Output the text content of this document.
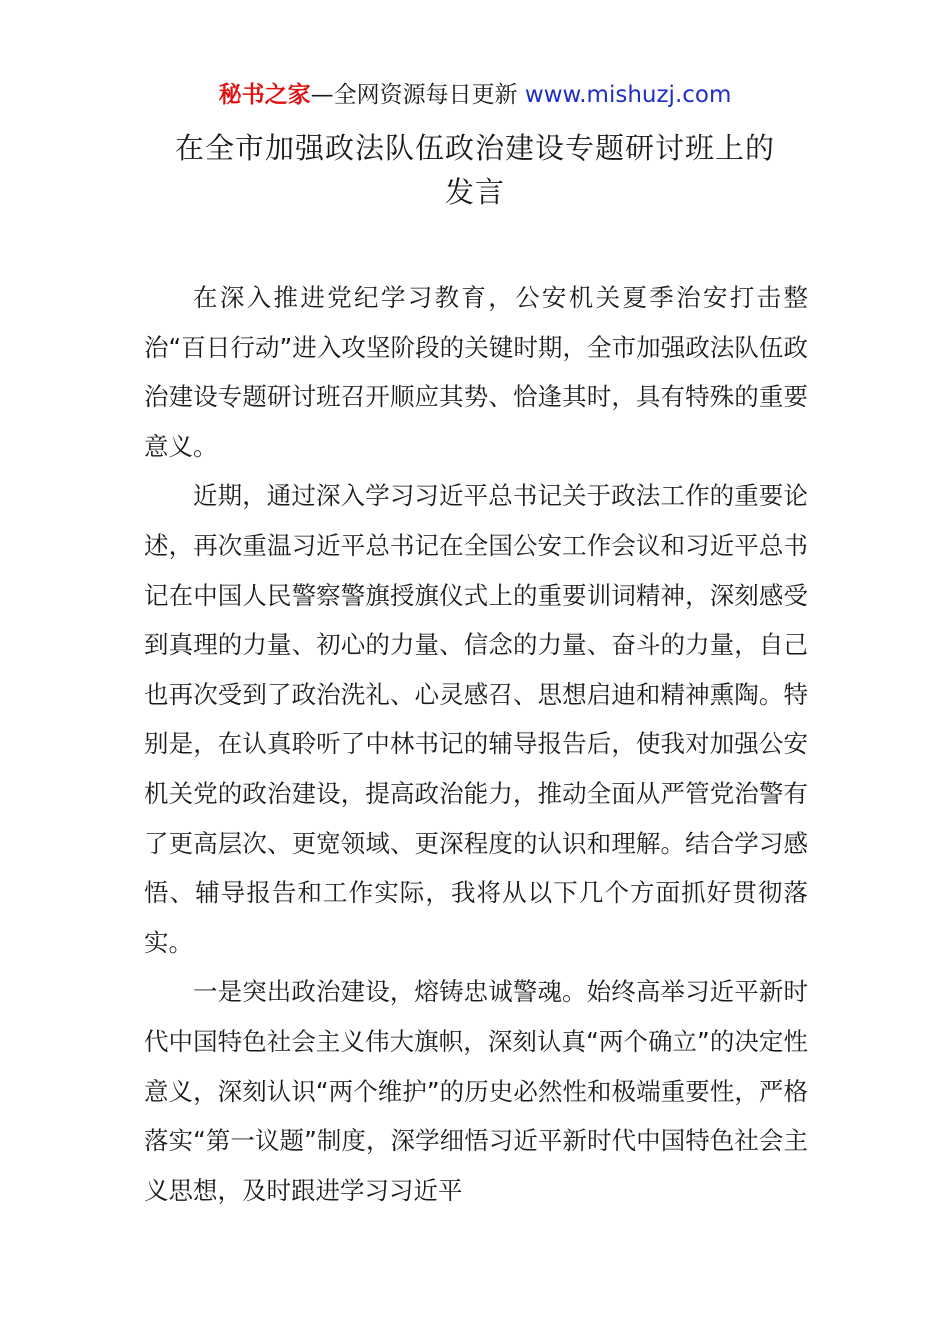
秘书之家—全网资源每日更新 www.mishuzj.com
在全市加强政法队伍政治建设专题研讨班上的
发言

在深入推进党纪学习教育，公安机关夏季治安打击整治“百日行动”进入攻坚阶段的关键时期，全市加强政法队伍政治建设专题研讨班召开顺应其势、恰逢其时，具有特殊的重要意义。

近期，通过深入学习习近平总书记关于政法工作的重要论述，再次重温习近平总书记在全国公安工作会议和习近平总书记在中国人民警察警旗授旗仪式上的重要训词精神，深刻感受到真理的力量、初心的力量、信念的力量、奋斗的力量，自己也再次受到了政治洗礼、心灵感召、思想启迪和精神熏陶。特别是，在认真聆听了中林书记的辅导报告后，使我对加强公安机关党的政治建设，提高政治能力，推动全面从严管党治警有了更高层次、更宽领域、更深程度的认识和理解。结合学习感悟、辅导报告和工作实际，我将从以下几个方面抓好贯彻落实。

一是突出政治建设，熔铸忠诚警魂。始终高举习近平新时代中国特色社会主义伟大旗帜，深刻认真“两个确立”的决定性意义，深刻认识“两个维护”的历史必然性和极端重要性，严格落实“第一议题”制度，深学细悟习近平新时代中国特色社会主义思想，及时跟进学习习近平
